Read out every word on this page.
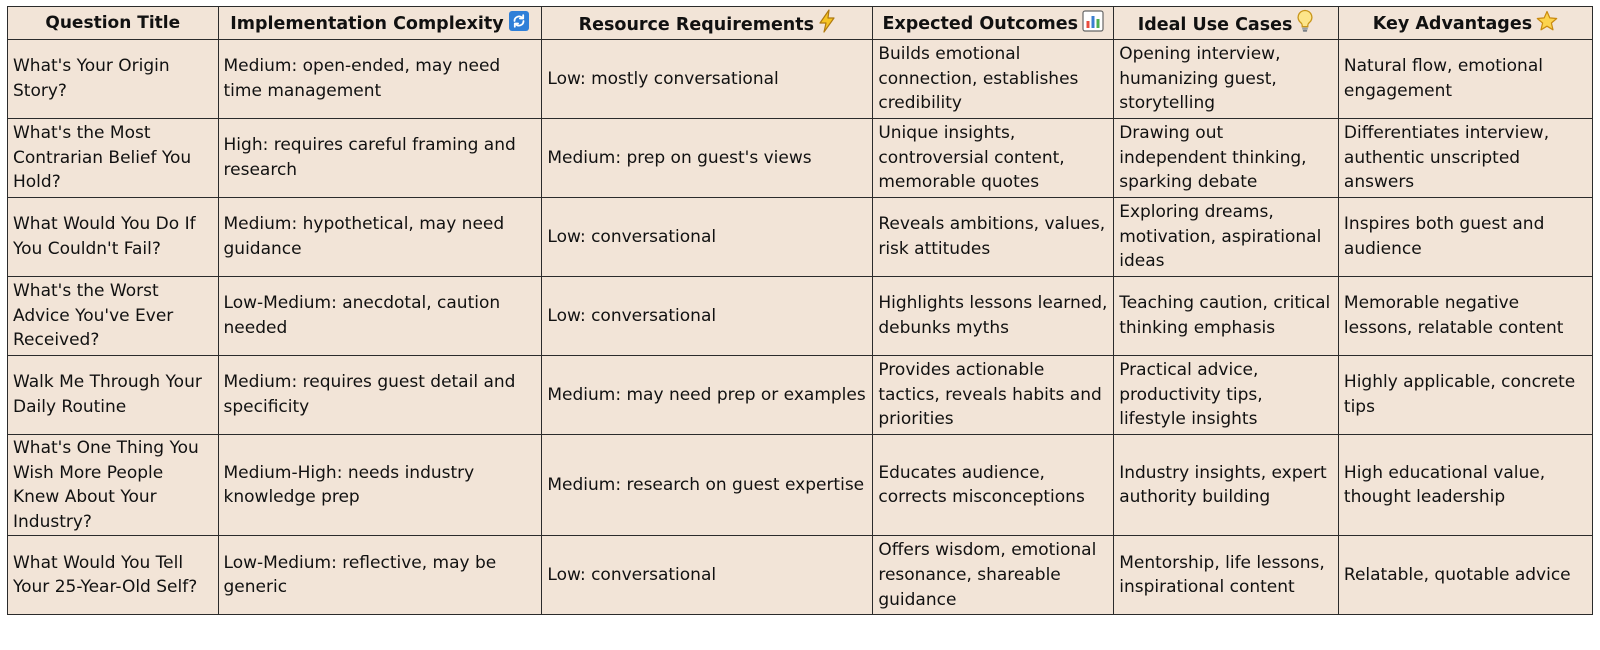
Question Title	Implementation Complexity	Resource Requirements	Expected Outcomes	Ideal Use Cases	Key Advantages

What's Your Origin Story?	Medium: open-ended, may need time management	Low: mostly conversational	Builds emotional connection, establishes credibility	Opening interview, humanizing guest, storytelling	Natural flow, emotional engagement
What's the Most Contrarian Belief You Hold?	High: requires careful framing and research	Medium: prep on guest's views	Unique insights, controversial content, memorable quotes	Drawing out independent thinking, sparking debate	Differentiates interview, authentic unscripted answers
What Would You Do If You Couldn't Fail?	Medium: hypothetical, may need guidance	Low: conversational	Reveals ambitions, values, risk attitudes	Exploring dreams, motivation, aspirational ideas	Inspires both guest and audience
What's the Worst Advice You've Ever Received?	Low-Medium: anecdotal, caution needed	Low: conversational	Highlights lessons learned, debunks myths	Teaching caution, critical thinking emphasis	Memorable negative lessons, relatable content
Walk Me Through Your Daily Routine	Medium: requires guest detail and specificity	Medium: may need prep or examples	Provides actionable tactics, reveals habits and priorities	Practical advice, productivity tips, lifestyle insights	Highly applicable, concrete tips
What's One Thing You Wish More People Knew About Your Industry?	Medium-High: needs industry knowledge prep	Medium: research on guest expertise	Educates audience, corrects misconceptions	Industry insights, expert authority building	High educational value, thought leadership
What Would You Tell Your 25-Year-Old Self?	Low-Medium: reflective, may be generic	Low: conversational	Offers wisdom, emotional resonance, shareable guidance	Mentorship, life lessons, inspirational content	Relatable, quotable advice
